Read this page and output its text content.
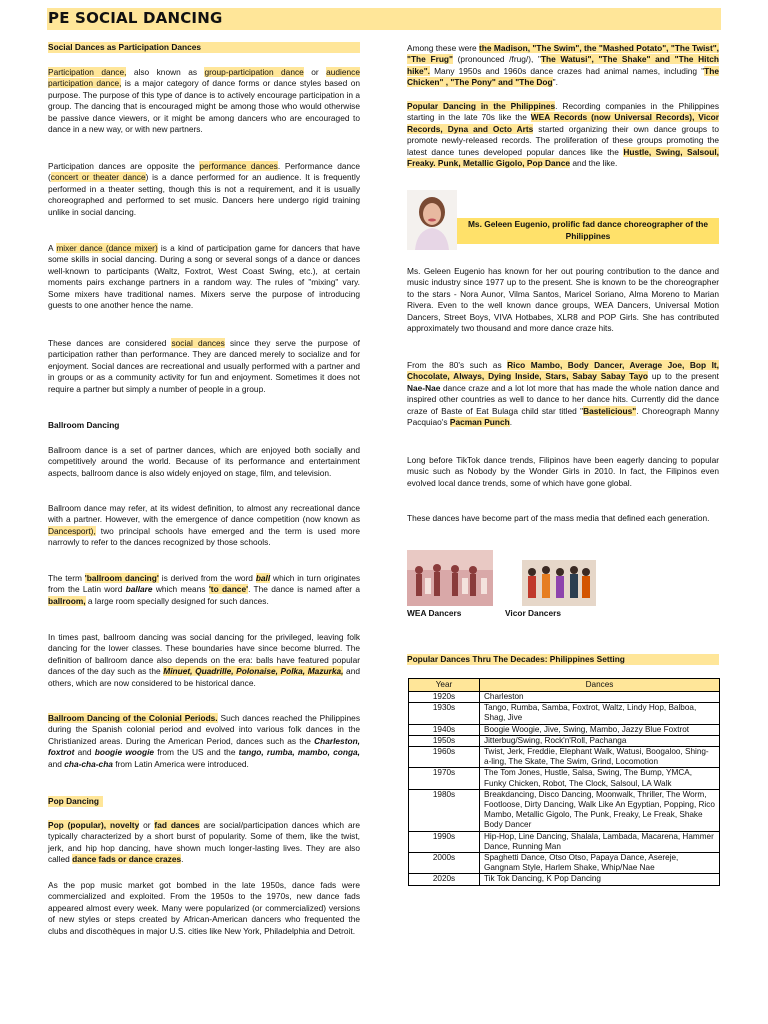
PE SOCIAL DANCING
Social Dances as Participation Dances

Participation dance, also known as group-participation dance or audience participation dance, is a major category of dance forms or dance styles based on purpose. The purpose of this type of dance is to actively encourage participation in a group. The dancing that is encouraged might be among those who would otherwise be passive dance viewers, or it might be among dancers who are encouraged to dance in a new way, or with new partners.

Participation dances are opposite the performance dances. Performance dance (concert or theater dance) is a dance performed for an audience. It is frequently performed in a theater setting, though this is not a requirement, and it is usually choreographed and performed to set music. Dancers here undergo rigid training unlike in social dancing.

A mixer dance (dance mixer) is a kind of participation game for dancers that have some skills in social dancing. During a song or several songs of a dance or dances well-known to participants (Waltz, Foxtrot, West Coast Swing, etc.), at certain moments pairs exchange partners in a random way. The rules of "mixing" vary. Some mixers have traditional names. Mixers serve the purpose of introducing guests to one another hence the name.

These dances are considered social dances since they serve the purpose of participation rather than performance. They are danced merely to socialize and for enjoyment. Social dances are recreational and usually performed with a partner and in groups or as a community activity for fun and enjoyment. Sometimes it does not require a partner but simply a number of people in a group.

Ballroom Dancing

Ballroom dance is a set of partner dances, which are enjoyed both socially and competitively around the world. Because of its performance and entertainment aspects, ballroom dance is also widely enjoyed on stage, film, and television.

Ballroom dance may refer, at its widest definition, to almost any recreational dance with a partner. However, with the emergence of dance competition (now known as Dancesport), two principal schools have emerged and the term is used more narrowly to refer to the dances recognized by those schools.

The term 'ballroom dancing' is derived from the word ball which in turn originates from the Latin word ballare which means 'to dance'. The dance is named after a ballroom, a large room specially designed for such dances.

In times past, ballroom dancing was social dancing for the privileged, leaving folk dancing for the lower classes. These boundaries have since become blurred. The definition of ballroom dance also depends on the era: balls have featured popular dances of the day such as the Minuet, Quadrille, Polonaise, Polka, Mazurka, and others, which are now considered to be historical dance.

Ballroom Dancing of the Colonial Periods. Such dances reached the Philippines during the Spanish colonial period and evolved into various folk dances in the Christianized areas. During the American Period, dances such as the Charleston, foxtrot and boogie woogie from the US and the tango, rumba, mambo, conga, and cha-cha-cha from Latin America were introduced.

Pop Dancing

Pop (popular), novelty or fad dances are social/participation dances which are typically characterized by a short burst of popularity. Some of them, like the twist, jerk, and hip hop dancing, have shown much longer-lasting lives. They are also called dance fads or dance crazes.

As the pop music market got bombed in the late 1950s, dance fads were commercialized and exploited. From the 1950s to the 1970s, new dance fads appeared almost every week. Many were popularized (or commercialized) versions of new styles or steps created by African-American dancers who frequented the clubs and discothèques in major U.S. cities like New York, Philadelphia and Detroit.

Among these were the Madison, "The Swim", the "Mashed Potato", "The Twist", "The Frug" (pronounced /frug/), "The Watusi", "The Shake" and "The Hitch hike". Many 1950s and 1960s dance crazes had animal names, including "The Chicken" , "The Pony" and "The Dog".

Popular Dancing in the Philippines. Recording companies in the Philippines starting in the late 70s like the WEA Records (now Universal Records), Vicor Records, Dyna and Octo Arts started organizing their own dance groups to promote newly-released records. The proliferation of these groups promoting the latest dance tunes developed popular dances like the Hustle, Swing, Salsoul, Freaky. Punk, Metallic Gigolo, Pop Dance and the like.

Ms. Geleen Eugenio, prolific fad dance choreographer of the Philippines

Ms. Geleen Eugenio has known for her out pouring contribution to the dance and music industry since 1977 up to the present. She is known to be the choreographer to the stars - Nora Aunor, Vilma Santos, Maricel Soriano, Alma Moreno to Marian Rivera. Even to the well known dance groups, WEA Dancers, Universal Motion Dancers, Street Boys, VIVA Hotbabes, XLR8 and POP Girls. She has contributed approximately two thousand and more dance craze hits.

From the 80's such as Rico Mambo, Body Dancer, Average Joe, Bop It, Chocolate, Always, Dying Inside, Stars, Sabay Sabay Tayo up to the present Nae-Nae dance craze and a lot lot more that has made the whole nation dance and inspired other countries as well to dance to her dance hits. Currently did the dance craze of Baste of Eat Bulaga child star titled "Bastelicious". Choreograph Manny Pacquiao's Pacman Punch.

Long before TikTok dance trends, Filipinos have been eagerly dancing to popular music such as Nobody by the Wonder Girls in 2010. In fact, the Filipinos even evolved local dance trends, some of which have gone global.

These dances have become part of the mass media that defined each generation.

WEA Dancers	Vicor Dancers
Popular Dances Thru The Decades: Philippines Setting
Year	Dances
1920s	Charleston
1930s	Tango, Rumba, Samba, Foxtrot, Waltz, Lindy Hop, Balboa, Shag, Jive
1940s	Boogie Woogie, Jive, Swing, Mambo, Jazzy Blue Foxtrot
1950s	Jitterbug/Swing, Rock'n'Roll, Pachanga
1960s	Twist, Jerk, Freddie, Elephant Walk, Watusi, Boogaloo, Shing-a-ling, The Skate, The Swim, Grind, Locomotion
1970s	The Tom Jones, Hustle, Salsa, Swing, The Bump, YMCA, Funky Chicken, Robot, The Clock, Salsoul, LA Walk
1980s	Breakdancing, Disco Dancing, Moonwalk, Thriller, The Worm, Footloose, Dirty Dancing, Walk Like An Egyptian, Popping, Rico Mambo, Metallic Gigolo, The Punk, Freaky, Le Freak, Shake Body Dancer
1990s	Hip-Hop, Line Dancing, Shalala, Lambada, Macarena, Hammer Dance, Running Man
2000s	Spaghetti Dance, Otso Otso, Papaya Dance, Asereje, Gangnam Style, Harlem Shake, Whip/Nae Nae
2020s	Tik Tok Dancing, K Pop Dancing
